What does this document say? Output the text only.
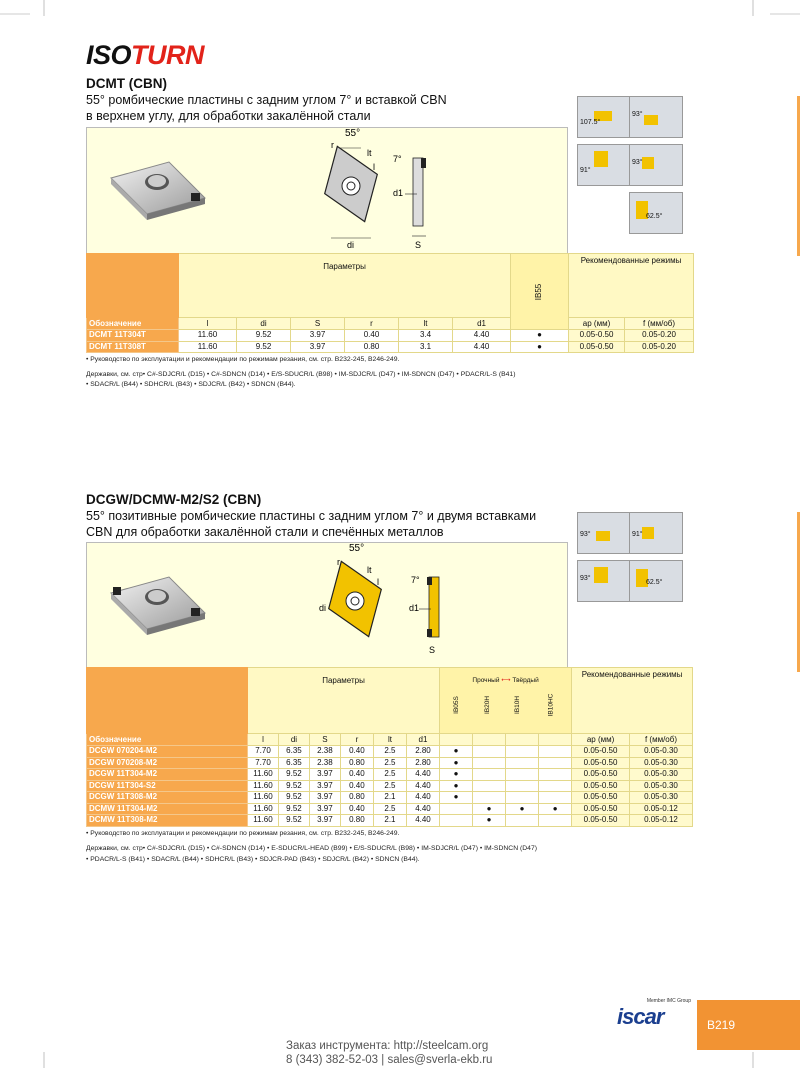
ISOTURN
DCMT (CBN)
55° ромбические пластины с задним углом 7° и вставкой CBN
в верхнем углу, для обработки закалённой стали
55°
r
lt
l
di
7°
d1
S
107.5°
93°
91°
93°
62.5°
	Параметры						IB55	Рекомендованные режимы	
Обозначение	l	di	S	r	lt	d1		ap (мм)	f (мм/об)
DCMT 11T304T	11.60	9.52	3.97	0.40	3.4	4.40	●	0.05-0.50	0.05-0.20
DCMT 11T308T	11.60	9.52	3.97	0.80	3.1	4.40	●	0.05-0.50	0.05-0.20
• Руководство по эксплуатации и рекомендации по режимам резания, см. стр. B232-245, B246-249.
Державки, см. стр• C#-SDJCR/L (D15) • C#-SDNCN (D14) • E/S-SDUCR/L (B98) • IM-SDJCR/L (D47) • IM-SDNCN (D47) • PDACR/L-S (B41)
• SDACR/L (B44) • SDHCR/L (B43) • SDJCR/L (B42) • SDNCN (B44).
DCGW/DCMW-M2/S2 (CBN)
55° позитивные ромбические пластины с задним углом 7° и двумя вставками
CBN для обработки закалённой стали и спечённых металлов
55°
r
lt
l
di
7°
d1
S
93°	91°
93°
62.5°
	Параметры						Прочный ⟷ Твёрдый
IB05S IB20H IB10H IB10HC				Рекомендованные режимы	
Обозначение	l	di	S	r	lt	d1					ap (мм)	f (мм/об)
DCGW 070204-M2	7.70	6.35	2.38	0.40	2.5	2.80	●				0.05-0.50	0.05-0.30
DCGW 070208-M2	7.70	6.35	2.38	0.80	2.5	2.80	●				0.05-0.50	0.05-0.30
DCGW 11T304-M2	11.60	9.52	3.97	0.40	2.5	4.40	●				0.05-0.50	0.05-0.30
DCGW 11T304-S2	11.60	9.52	3.97	0.40	2.5	4.40	●				0.05-0.50	0.05-0.30
DCGW 11T308-M2	11.60	9.52	3.97	0.80	2.1	4.40	●				0.05-0.50	0.05-0.30
DCMW 11T304-M2	11.60	9.52	3.97	0.40	2.5	4.40		●	●	●	0.05-0.50	0.05-0.12
DCMW 11T308-M2	11.60	9.52	3.97	0.80	2.1	4.40		●			0.05-0.50	0.05-0.12
• Руководство по эксплуатации и рекомендации по режимам резания, см. стр. B232-245, B246-249.
Державки, см. стр• C#-SDJCR/L (D15) • C#-SDNCN (D14) • E-SDUCR/L-HEAD (B99) • E/S-SDUCR/L (B98) • IM-SDJCR/L (D47) • IM-SDNCN (D47)
• PDACR/L-S (B41) • SDACR/L (B44) • SDHCR/L (B43) • SDJCR-PAD (B43) • SDJCR/L (B42) • SDNCN (B44).
Member IMC Group
iscar	B219
Заказ инструмента: http://steelcam.org
8 (343) 382-52-03 | sales@sverla-ekb.ru
